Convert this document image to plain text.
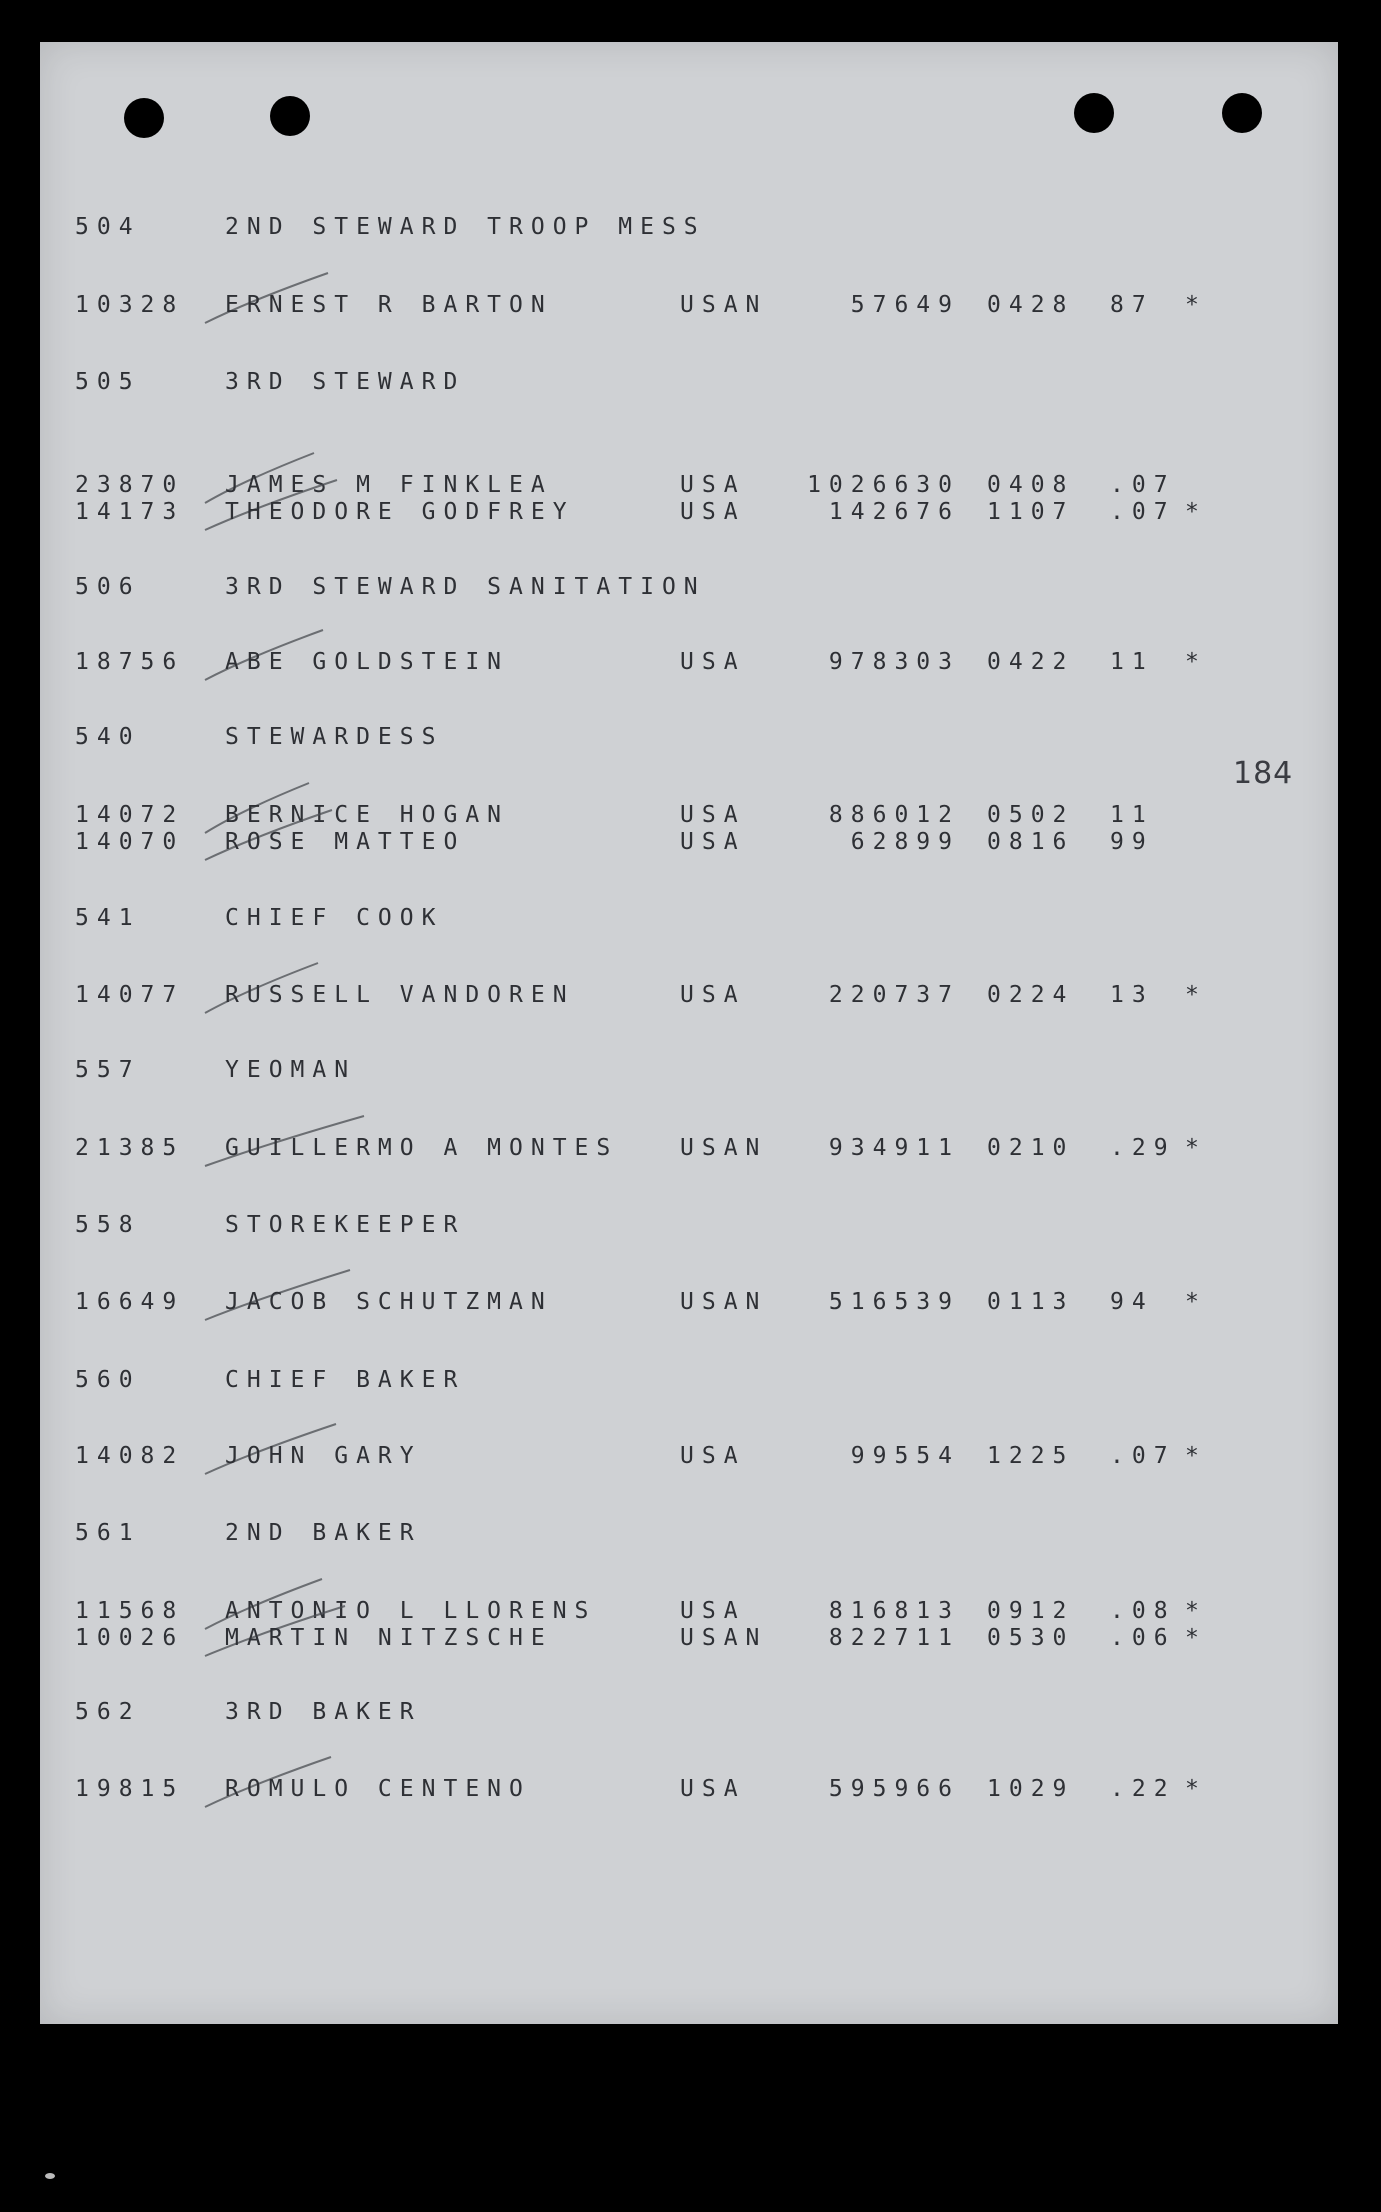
184
504	2ND STEWARD TROOP MESS
10328 ERNEST R BARTON	USAN	57649 0428 87 *
505	3RD STEWARD
23870 JAMES M FINKLEA	USA	1026630 0408 .07
14173 THEODORE GODFREY	USA	142676 1107 .07 *
506	3RD STEWARD SANITATION
18756 ABE GOLDSTEIN	USA	978303 0422 11 *
540	STEWARDESS
14072 BERNICE HOGAN	USA	886012 0502 11
14070 ROSE MATTEO	USA	62899 0816 99
541	CHIEF COOK
14077 RUSSELL VANDOREN	USA	220737 0224 13 *
557	YEOMAN
21385 GUILLERMO A MONTES	USAN	934911 0210 .29 *
558	STOREKEEPER
16649 JACOB SCHUTZMAN	USAN	516539 0113 94 *
560	CHIEF BAKER
14082 JOHN GARY	USA	99554 1225 .07 *
561	2ND BAKER
11568 ANTONIO L LLORENS	USA	816813 0912 .08 *
10026 MARTIN NITZSCHE	USAN	822711 0530 .06 *
562	3RD BAKER
19815 ROMULO CENTENO	USA	595966 1029 .22 *
